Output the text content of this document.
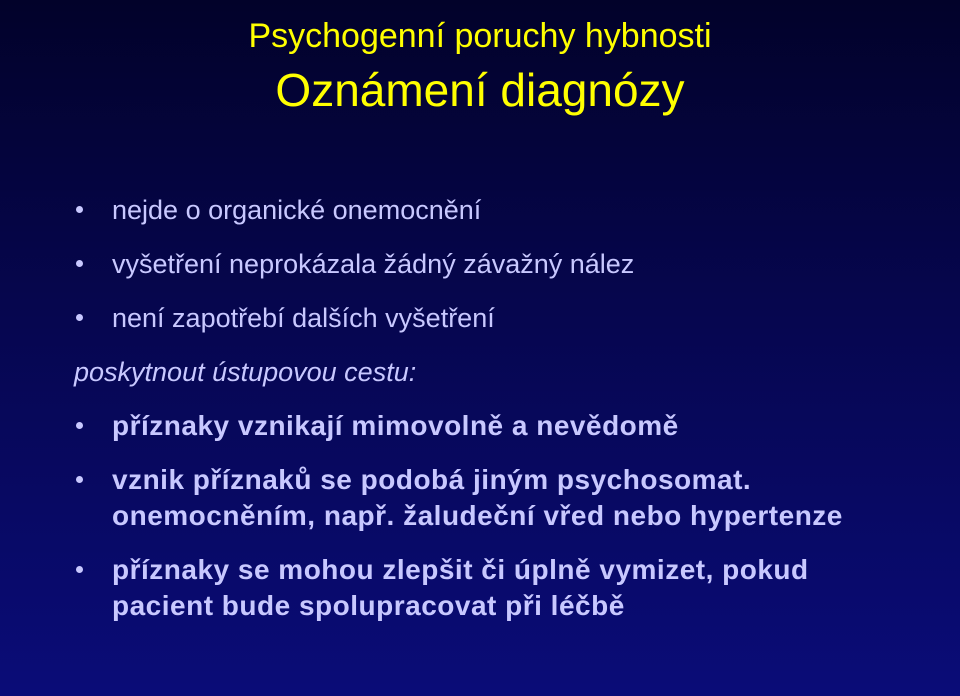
Psychogenní poruchy hybnosti
Oznámení diagnózy
nejde o organické onemocnění
vyšetření neprokázala žádný závažný nález
není zapotřebí dalších vyšetření
poskytnout ústupovou cestu:
příznaky vznikají mimovolně a nevědomě
vznik příznaků se podobá jiným psychosomat.
onemocněním, např. žaludeční vřed nebo hypertenze
příznaky se mohou zlepšit či úplně vymizet, pokud
pacient bude spolupracovat při léčbě
